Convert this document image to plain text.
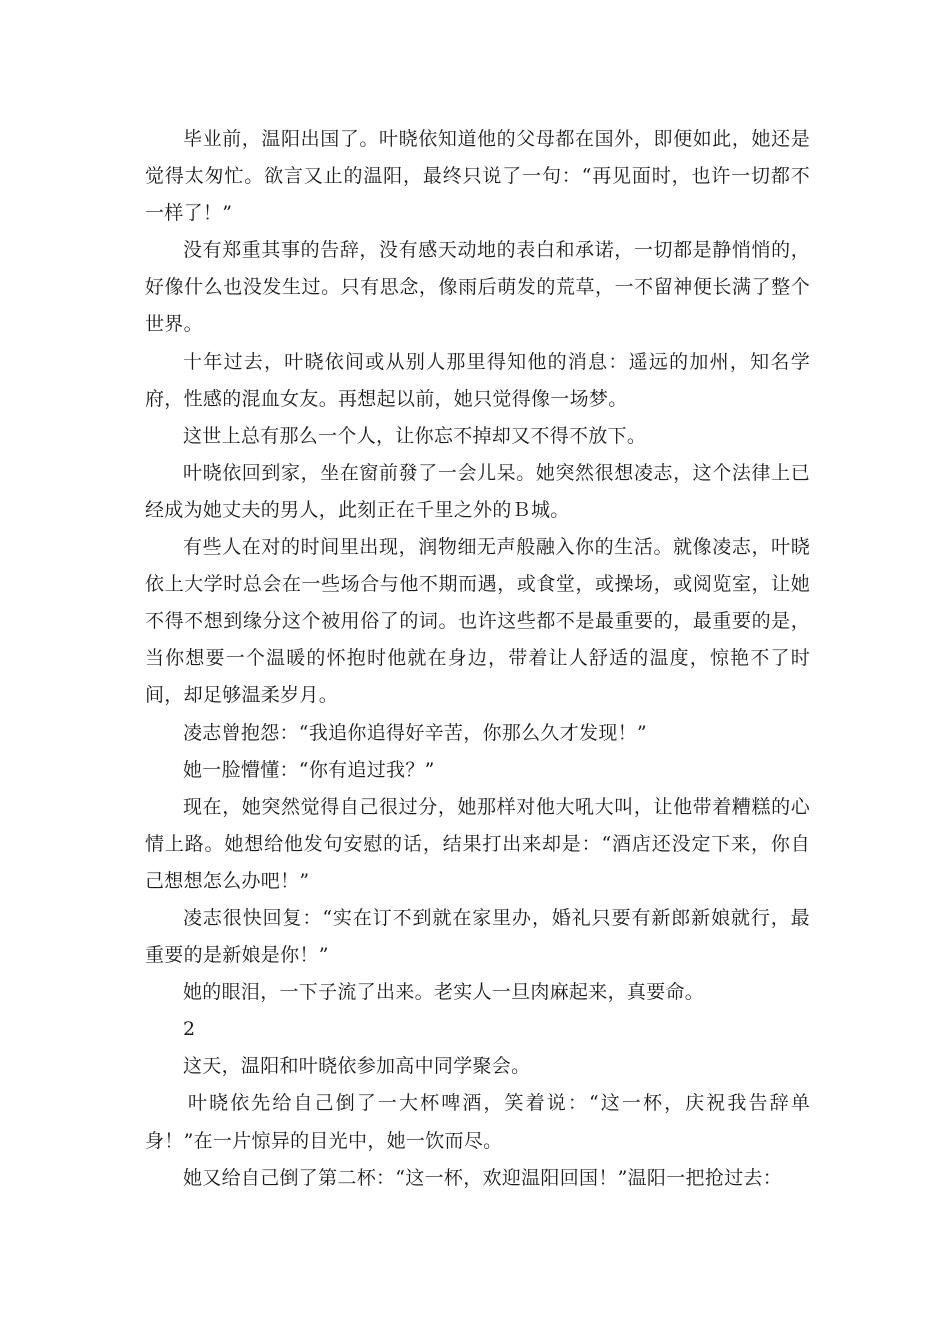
毕业前，温阳出国了。叶晓依知道他的父母都在国外，即便如此，她还是觉得太匆忙。欲言又止的温阳，最终只说了一句：“再见面时，也许一切都不一样了！”

没有郑重其事的告辞，没有感天动地的表白和承诺，一切都是静悄悄的，好像什么也没发生过。只有思念，像雨后萌发的荒草，一不留神便长满了整个世界。

十年过去，叶晓依间或从别人那里得知他的消息：遥远的加州，知名学府，性感的混血女友。再想起以前，她只觉得像一场梦。

这世上总有那么一个人，让你忘不掉却又不得不放下。

叶晓依回到家，坐在窗前發了一会儿呆。她突然很想凌志，这个法律上已经成为她丈夫的男人，此刻正在千里之外的Ｂ城。

有些人在对的时间里出现，润物细无声般融入你的生活。就像凌志，叶晓依上大学时总会在一些场合与他不期而遇，或食堂，或操场，或阅览室，让她不得不想到缘分这个被用俗了的词。也许这些都不是最重要的，最重要的是，当你想要一个温暖的怀抱时他就在身边，带着让人舒适的温度，惊艳不了时间，却足够温柔岁月。

凌志曾抱怨：“我追你追得好辛苦，你那么久才发现！”

她一脸懵懂：“你有追过我？”

现在，她突然觉得自己很过分，她那样对他大吼大叫，让他带着糟糕的心情上路。她想给他发句安慰的话，结果打出来却是：“酒店还没定下来，你自己想想怎么办吧！”

凌志很快回复：“实在订不到就在家里办，婚礼只要有新郎新娘就行，最重要的是新娘是你！”

她的眼泪，一下子流了出来。老实人一旦肉麻起来，真要命。

2

这天，温阳和叶晓依参加高中同学聚会。

叶晓依先给自己倒了一大杯啤酒，笑着说：“这一杯，庆祝我告辞单身！”在一片惊异的目光中，她一饮而尽。

她又给自己倒了第二杯：“这一杯，欢迎温阳回国！”温阳一把抢过去：
